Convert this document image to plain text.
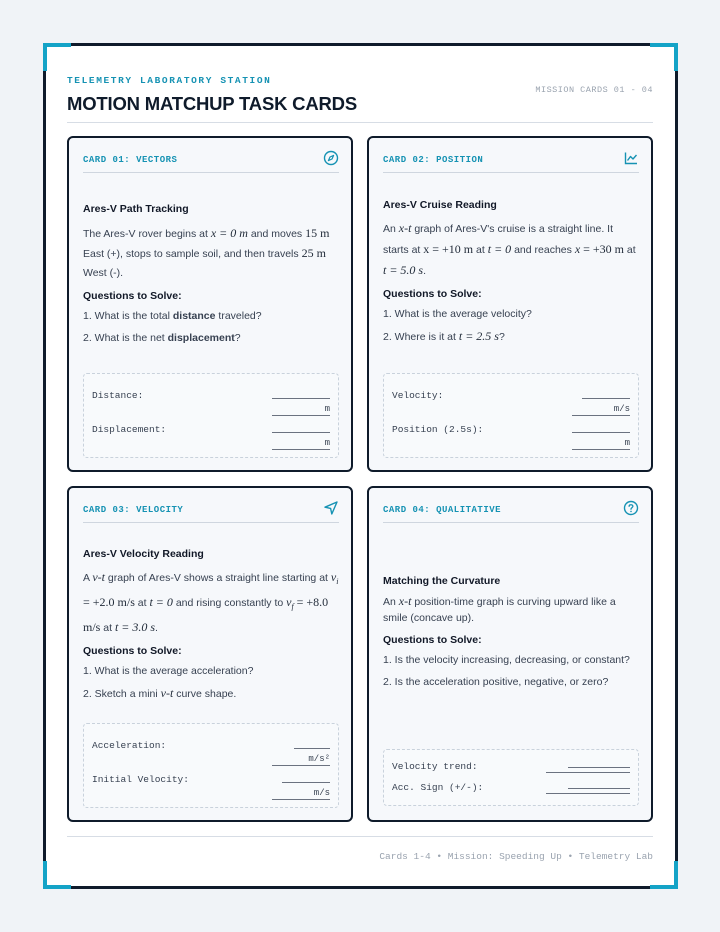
TELEMETRY LABORATORY STATION
MOTION MATCHUP TASK CARDS
MISSION CARDS 01 - 04
CARD 01: VECTORS
Ares-V Path Tracking
The Ares-V rover begins at x = 0 m and moves 15 m East (+), stops to sample soil, and then travels 25 m West (-).
Questions to Solve:
1. What is the total distance traveled?
2. What is the net displacement?
Distance:
m
Displacement:
m
CARD 02: POSITION
Ares-V Cruise Reading
An x-t graph of Ares-V's cruise is a straight line. It starts at x = +10 m at t = 0 and reaches x = +30 m at t = 5.0 s.
Questions to Solve:
1. What is the average velocity?
2. Where is it at t = 2.5 s?
Velocity:
m/s
Position (2.5s):
m
CARD 03: VELOCITY
Ares-V Velocity Reading
A v-t graph of Ares-V shows a straight line starting at $v_i = +2.0$ m/s at t = 0 and rising constantly to $v_f = +8.0$ m/s at t = 3.0 s.
Questions to Solve:
1. What is the average acceleration?
2. Sketch a mini v-t curve shape.
Acceleration:
m/s²
Initial Velocity:
m/s
CARD 04: QUALITATIVE
Matching the Curvature
An x-t position-time graph is curving upward like a smile (concave up).
Questions to Solve:
1. Is the velocity increasing, decreasing, or constant?
2. Is the acceleration positive, negative, or zero?
Velocity trend:
Acc. Sign (+/-):
Cards 1-4 • Mission: Speeding Up • Telemetry Lab
